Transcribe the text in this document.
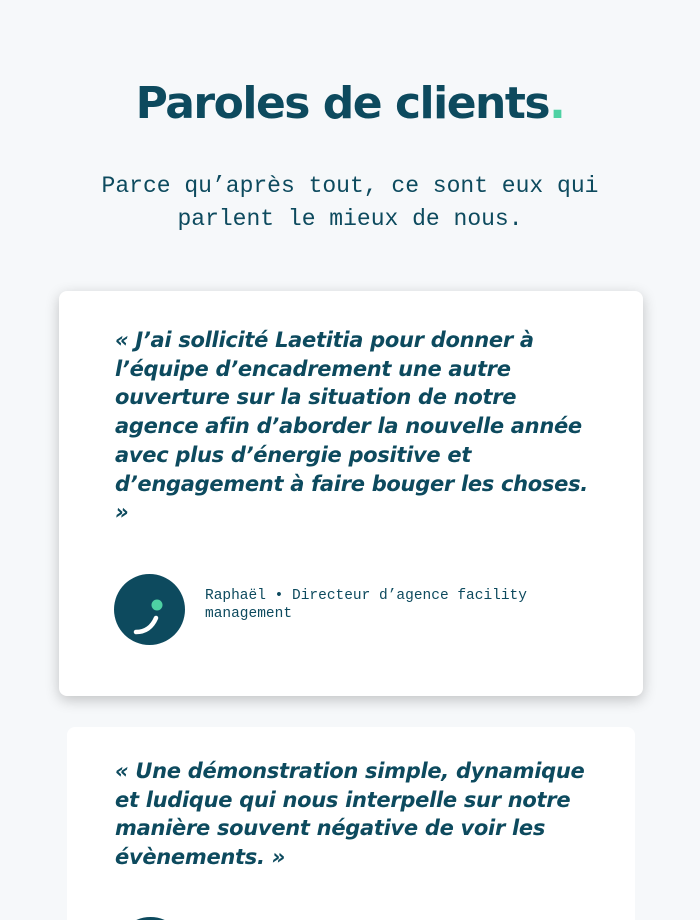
Paroles de clients.

Parce qu’après tout, ce sont eux qui parlent le mieux de nous.

« J’ai sollicité Laetitia pour donner à l’équipe d’encadrement une autre ouverture sur la situation de notre agence afin d’aborder la nouvelle année avec plus d’énergie positive et d’engagement à faire bouger les choses. »

Raphaël • Directeur d’agence facility management

« Une démonstration simple, dynamique et ludique qui nous interpelle sur notre manière souvent négative de voir les évènements. »
